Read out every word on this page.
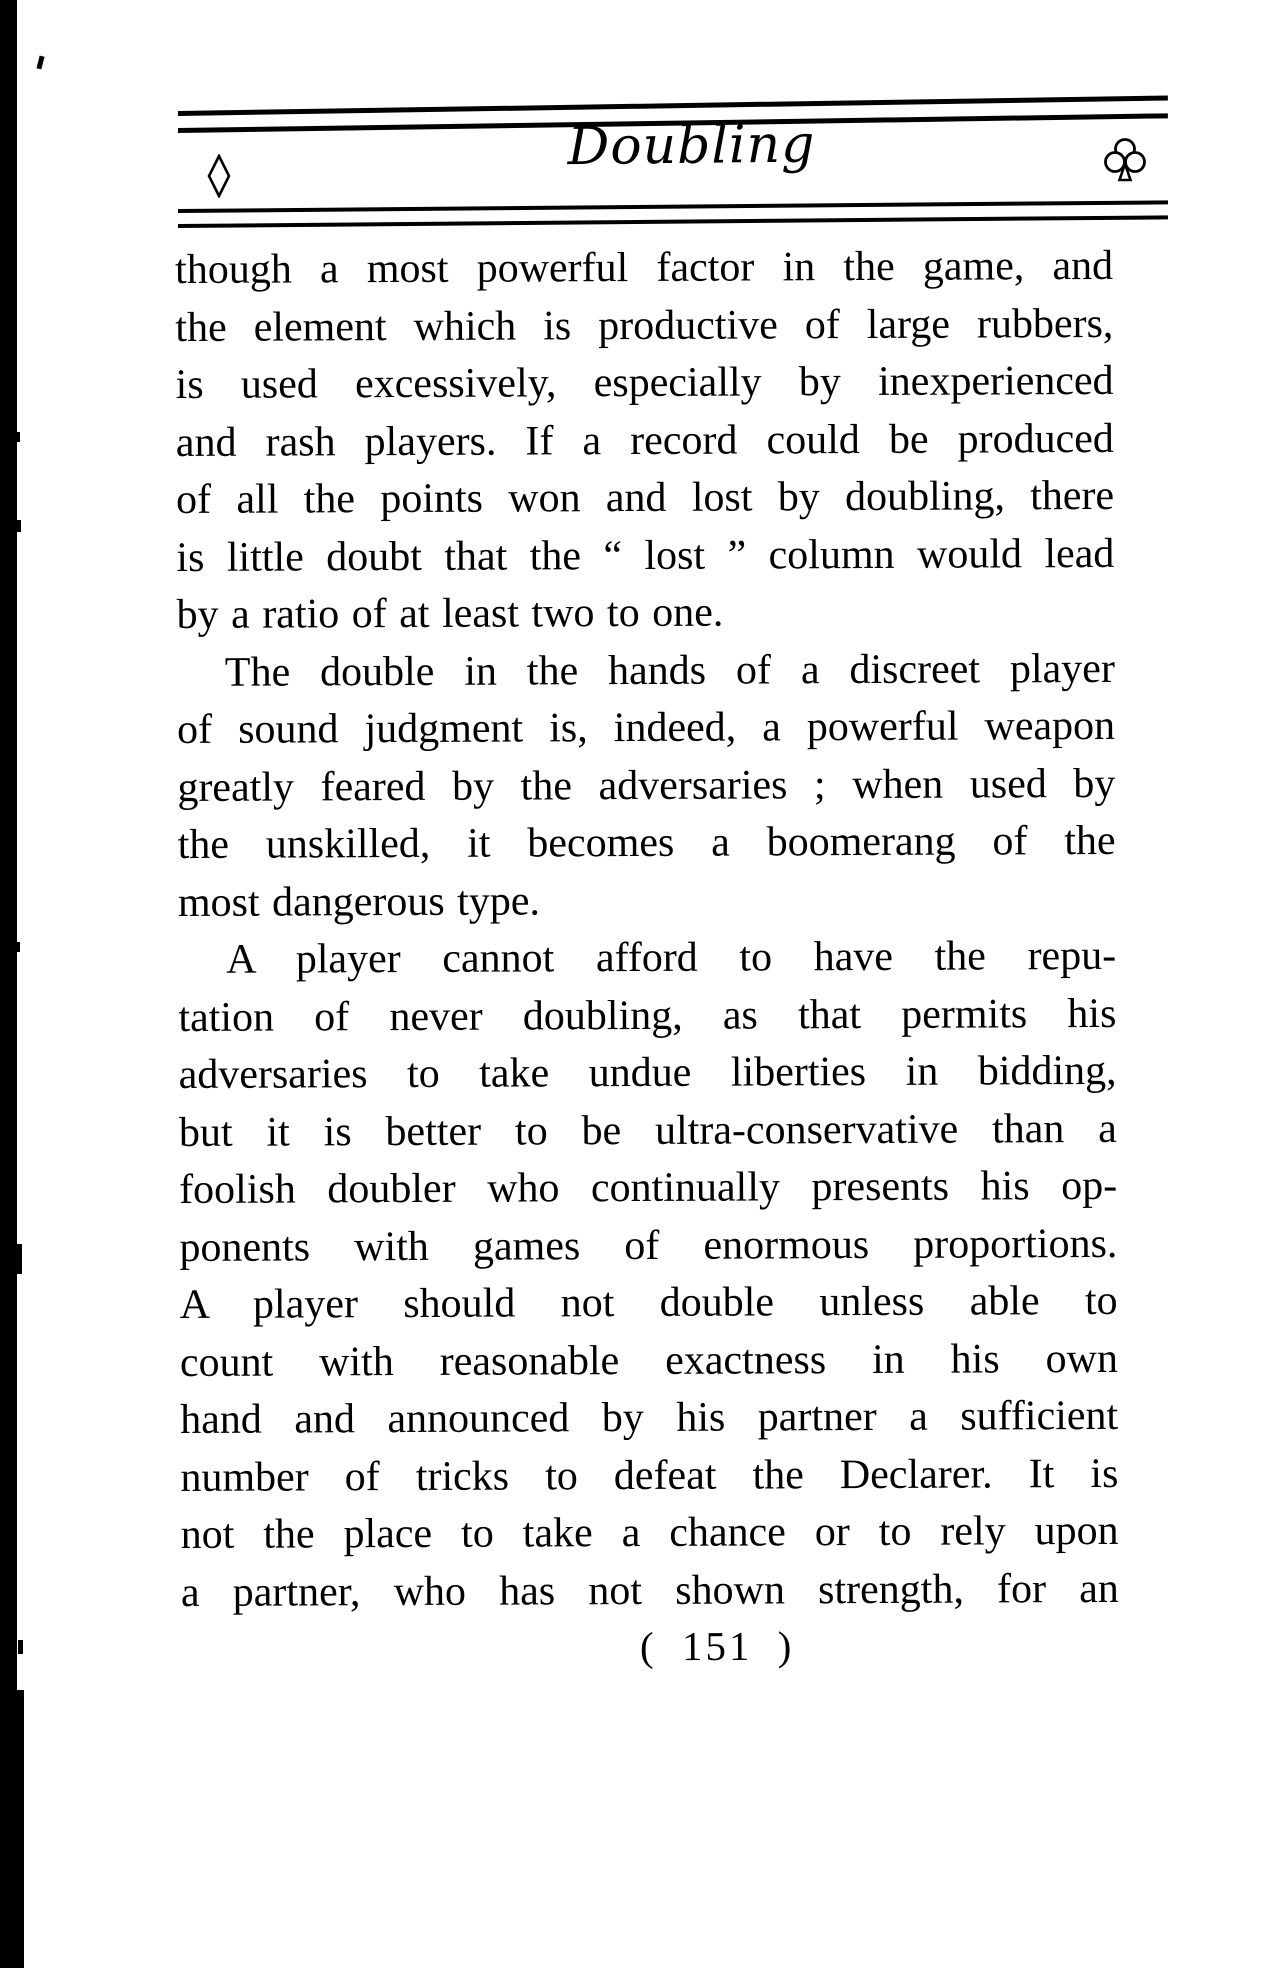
Doubling
though a most powerful factor in the game, and
the element which is productive of large rubbers,
is used excessively, especially by inexperienced
and rash players. If a record could be produced
of all the points won and lost by doubling, there
is little doubt that the “ lost ” column would lead
by a ratio of at least two to one.
The double in the hands of a discreet player
of sound judgment is, indeed, a powerful weapon
greatly feared by the adversaries ; when used by
the unskilled, it becomes a boomerang of the
most dangerous type.
A player cannot afford to have the repu-
tation of never doubling, as that permits his
adversaries to take undue liberties in bidding,
but it is better to be ultra-conservative than a
foolish doubler who continually presents his op-
ponents with games of enormous proportions.
A player should not double unless able to
count with reasonable exactness in his own
hand and announced by his partner a sufficient
number of tricks to defeat the Declarer. It is
not the place to take a chance or to rely upon
a partner, who has not shown strength, for an
( 151 )
